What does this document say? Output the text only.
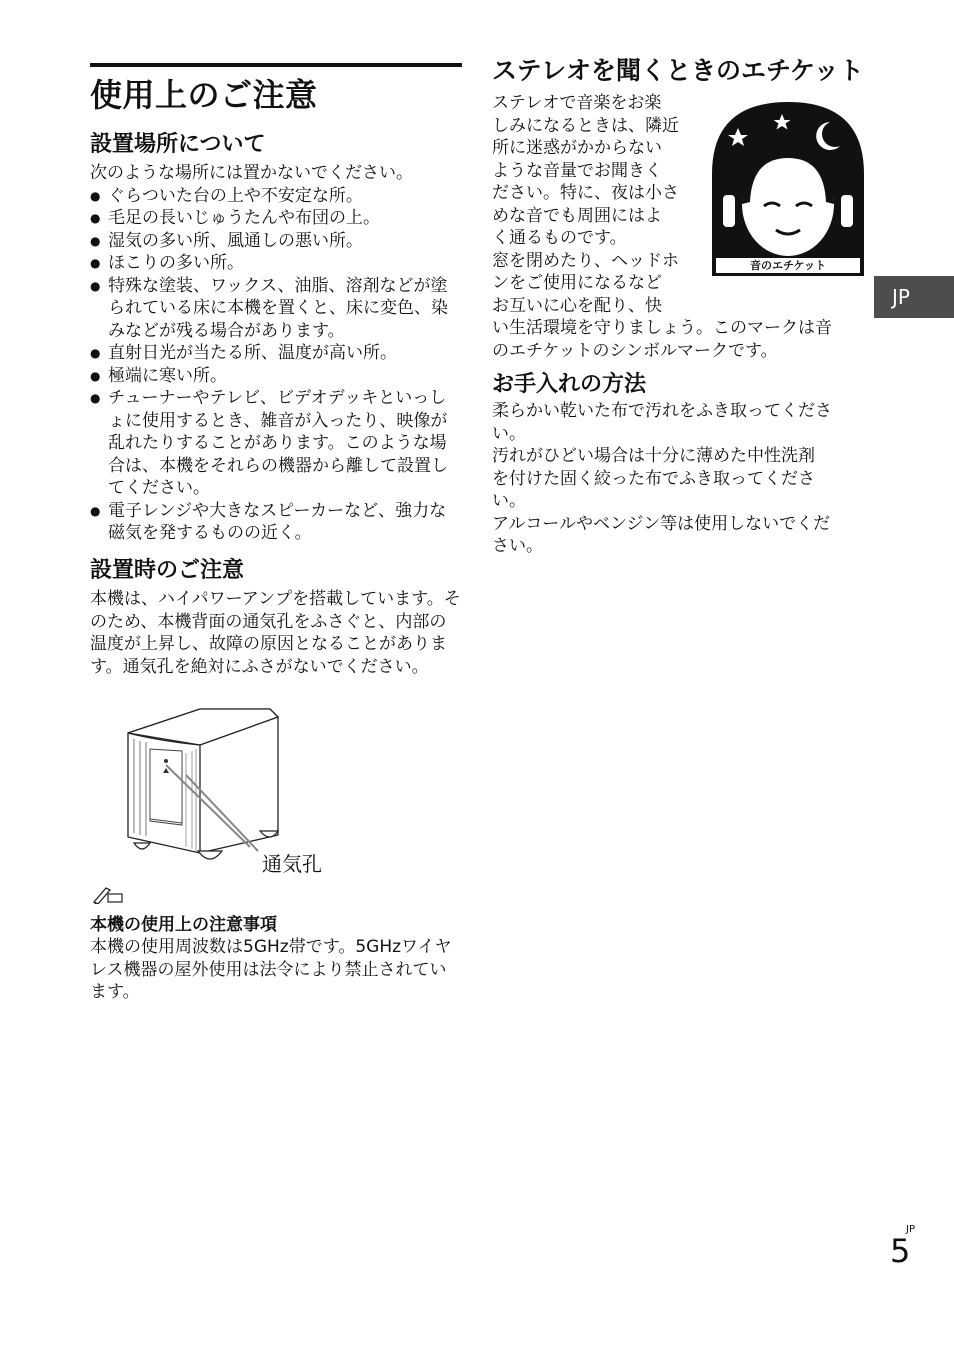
使用上のご注意
設置場所について

次のような場所には置かないでください。

● ぐらついた台の上や不安定な所。
● 毛足の長いじゅうたんや布団の上。
● 湿気の多い所、風通しの悪い所。
● ほこりの多い所。
● 特殊な塗装、ワックス、油脂、溶剤などが塗られている床に本機を置くと、床に変色、染みなどが残る場合があります。
● 直射日光が当たる所、温度が高い所。
● 極端に寒い所。
● チューナーやテレビ、ビデオデッキといっしょに使用するとき、雑音が入ったり、映像が乱れたりすることがあります。このような場合は、本機をそれらの機器から離して設置してください。
● 電子レンジや大きなスピーカーなど、強力な磁気を発するものの近く。
設置時のご注意

本機は、ハイパワーアンプを搭載しています。そのため、本機背面の通気孔をふさぐと、内部の温度が上昇し、故障の原因となることがあります。通気孔を絶対にふさがないでください。

通気孔
本機の使用上の注意事項

本機の使用周波数は5GHz帯です。5GHzワイヤレス機器の屋外使用は法令により禁止されています。

ステレオを聞くときのエチケット
ステレオで音楽をお楽
しみになるときは、隣近
所に迷惑がかからない
ような音量でお聞きく
ださい。特に、夜は小さ
めな音でも周囲にはよ
く通るものです。
窓を閉めたり、ヘッドホ
ンをご使用になるなど
お互いに心を配り、快
い生活環境を守りましょう。このマークは音
のエチケットのシンボルマークです。
音のエチケット
お手入れの方法
柔らかい乾いた布で汚れをふき取ってくださ
い。
汚れがひどい場合は十分に薄めた中性洗剤
を付けた固く絞った布でふき取ってくださ
い。
アルコールやベンジン等は使用しないでくだ
さい。
JP
5
JP
